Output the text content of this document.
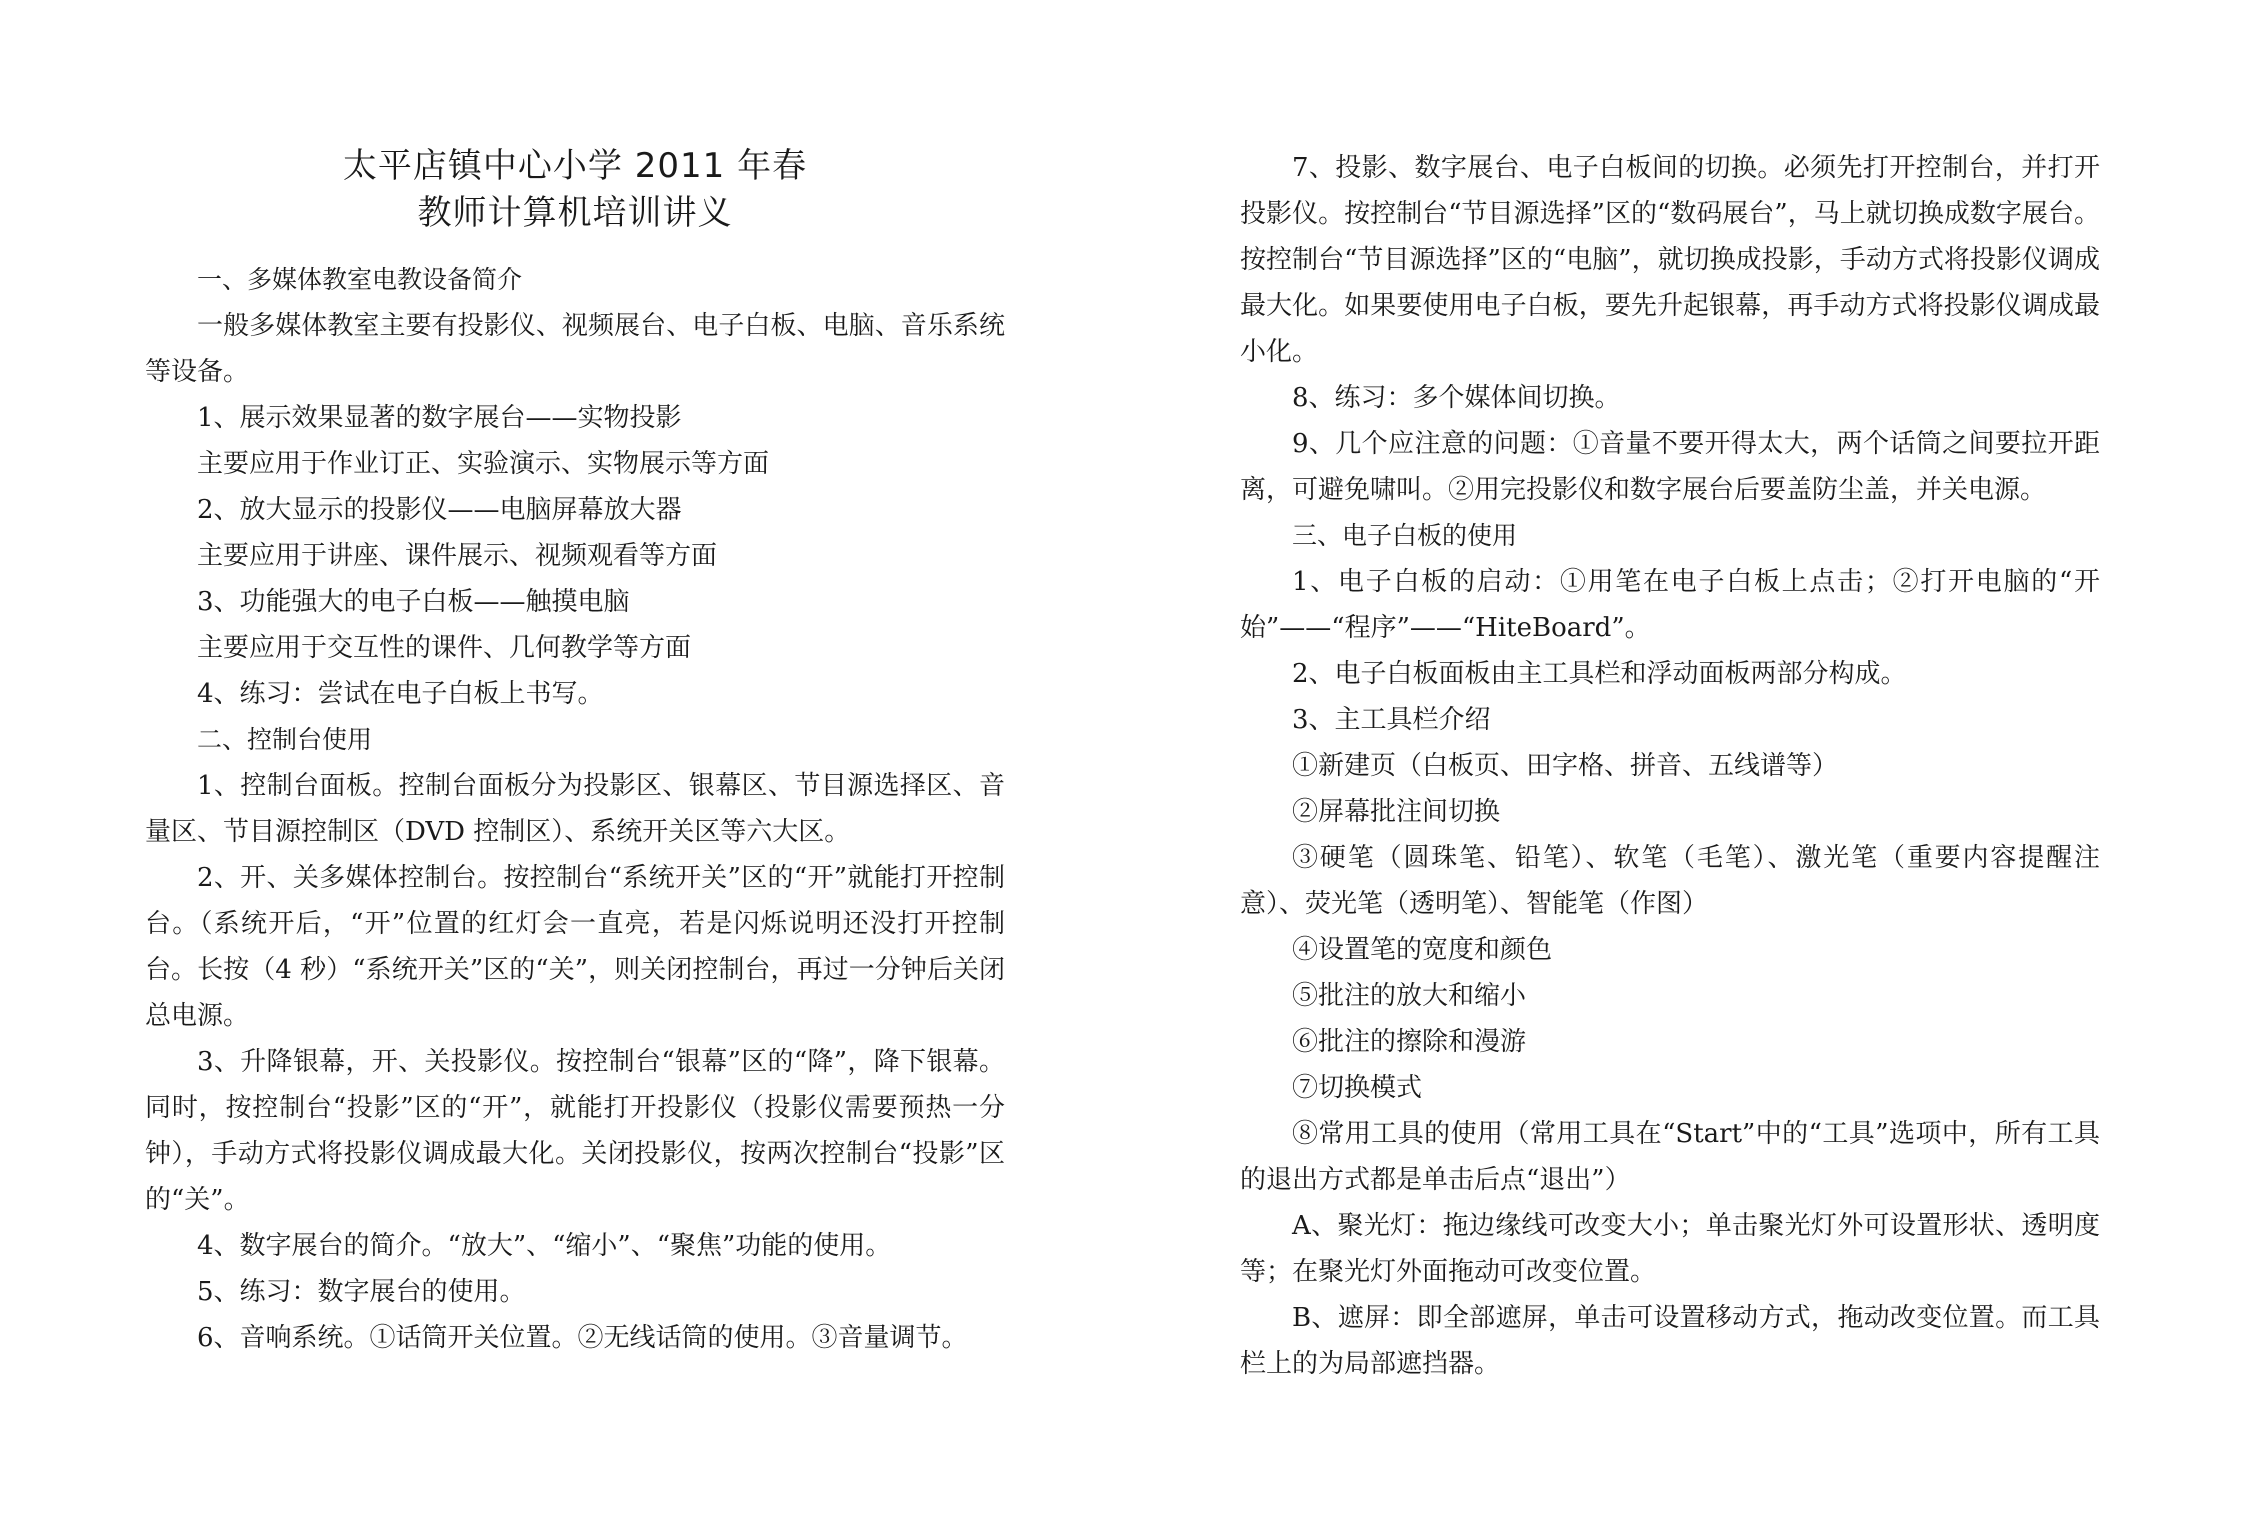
太平店镇中心小学 2011 年春
教师计算机培训讲义

一、多媒体教室电教设备简介

一般多媒体教室主要有投影仪、视频展台、电子白板、电脑、音乐系统等设备。

1、展示效果显著的数字展台——实物投影

主要应用于作业订正、实验演示、实物展示等方面

2、放大显示的投影仪——电脑屏幕放大器

主要应用于讲座、课件展示、视频观看等方面

3、功能强大的电子白板——触摸电脑

主要应用于交互性的课件、几何教学等方面

4、练习：尝试在电子白板上书写。

二、控制台使用

1、控制台面板。控制台面板分为投影区、银幕区、节目源选择区、音量区、节目源控制区（DVD 控制区）、系统开关区等六大区。

2、开、关多媒体控制台。按控制台“系统开关”区的“开”就能打开控制台。（系统开后，“开”位置的红灯会一直亮，若是闪烁说明还没打开控制台。长按（4 秒）“系统开关”区的“关”，则关闭控制台，再过一分钟后关闭总电源。

3、升降银幕，开、关投影仪。按控制台“银幕”区的“降”，降下银幕。同时，按控制台“投影”区的“开”，就能打开投影仪（投影仪需要预热一分钟），手动方式将投影仪调成最大化。关闭投影仪，按两次控制台“投影”区的“关”。

4、数字展台的简介。“放大”、“缩小”、“聚焦”功能的使用。

5、练习：数字展台的使用。

6、音响系统。①话筒开关位置。②无线话筒的使用。③音量调节。

7、投影、数字展台、电子白板间的切换。必须先打开控制台，并打开投影仪。按控制台“节目源选择”区的“数码展台”，马上就切换成数字展台。按控制台“节目源选择”区的“电脑”，就切换成投影，手动方式将投影仪调成最大化。如果要使用电子白板，要先升起银幕，再手动方式将投影仪调成最小化。

8、练习：多个媒体间切换。

9、几个应注意的问题：①音量不要开得太大，两个话筒之间要拉开距离，可避免啸叫。②用完投影仪和数字展台后要盖防尘盖，并关电源。

三、电子白板的使用

1、电子白板的启动：①用笔在电子白板上点击；②打开电脑的“开始”——“程序”——“HiteBoard”。

2、电子白板面板由主工具栏和浮动面板两部分构成。

3、主工具栏介绍

①新建页（白板页、田字格、拼音、五线谱等）

②屏幕批注间切换

③硬笔（圆珠笔、铅笔）、软笔（毛笔）、激光笔（重要内容提醒注意）、荧光笔（透明笔）、智能笔（作图）

④设置笔的宽度和颜色

⑤批注的放大和缩小

⑥批注的擦除和漫游

⑦切换模式

⑧常用工具的使用（常用工具在“Start”中的“工具”选项中，所有工具的退出方式都是单击后点“退出”）

A、聚光灯：拖边缘线可改变大小；单击聚光灯外可设置形状、透明度等；在聚光灯外面拖动可改变位置。

B、遮屏：即全部遮屏，单击可设置移动方式，拖动改变位置。而工具栏上的为局部遮挡器。
